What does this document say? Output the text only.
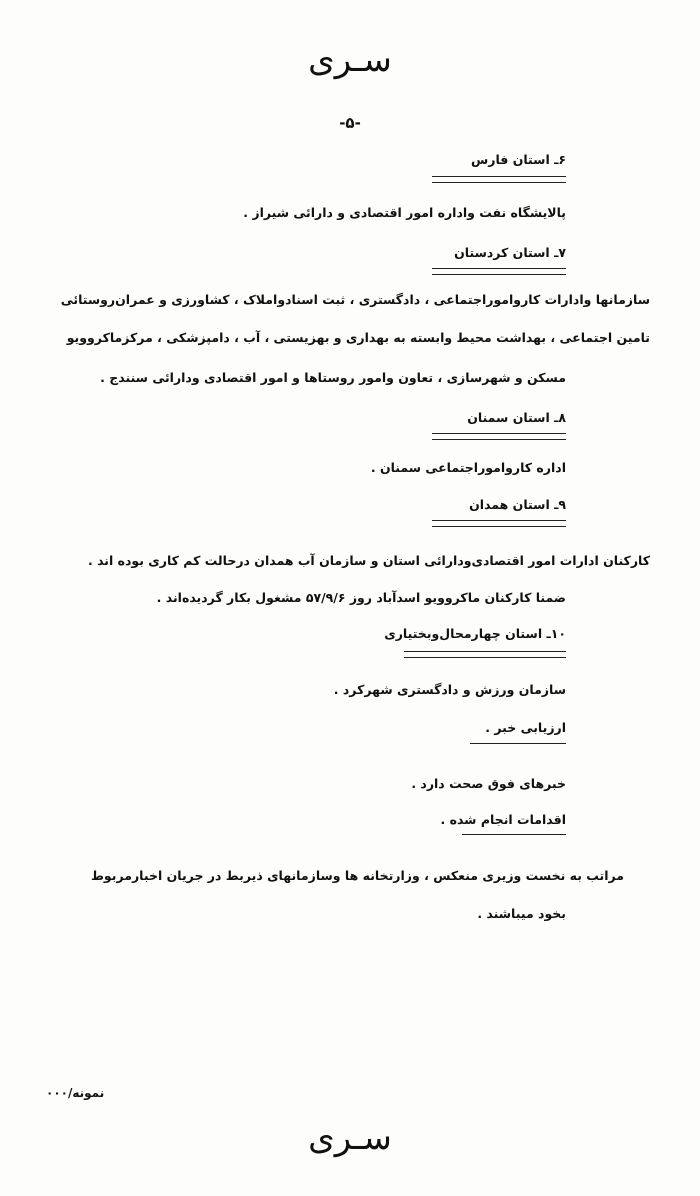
سـری
-۵-
۶ـ استان فارس
پالایشگاه نفت واداره امور اقتصادی و دارائی شیراز .
۷ـ استان کردستان
سازمانها وادارات کارواموراجتماعی ، دادگستری ، ثبت اسنادواملاک ، کشاورزی و عمران‌روستائی
تامین اجتماعی ، بهداشت محیط وابسته به بهداری و بهزیستی ، آب ، دامپزشکی ، مرکزماکروویو
مسکن و شهرسازی ، تعاون وامور روستاها و امور اقتصادی ودارائی سنندج .
۸ـ استان سمنان
اداره کارواموراجتماعی سمنان .
۹ـ استان همدان
کارکنان ادارات امور اقتصادی‌ودارائی استان و سازمان آب همدان درحالت کم کاری بوده اند .
ضمنا کارکنان ماکروویو اسدآباد روز ۵۷/۹/۶ مشغول بکار گردیده‌اند .
۱۰ـ استان چهارمحال‌وبختیاری
سازمان ورزش و دادگستری شهرکرد .
ارزیابی خبر .
خبرهای فوق صحت دارد .
اقدامات انجام شده .
مراتب به نخست وزیری منعکس ، وزارتخانه ها وسازمانهای ذیربط در جریان اخبارمربوط
بخود میباشند .
نمونه/۰۰۰
سـری
